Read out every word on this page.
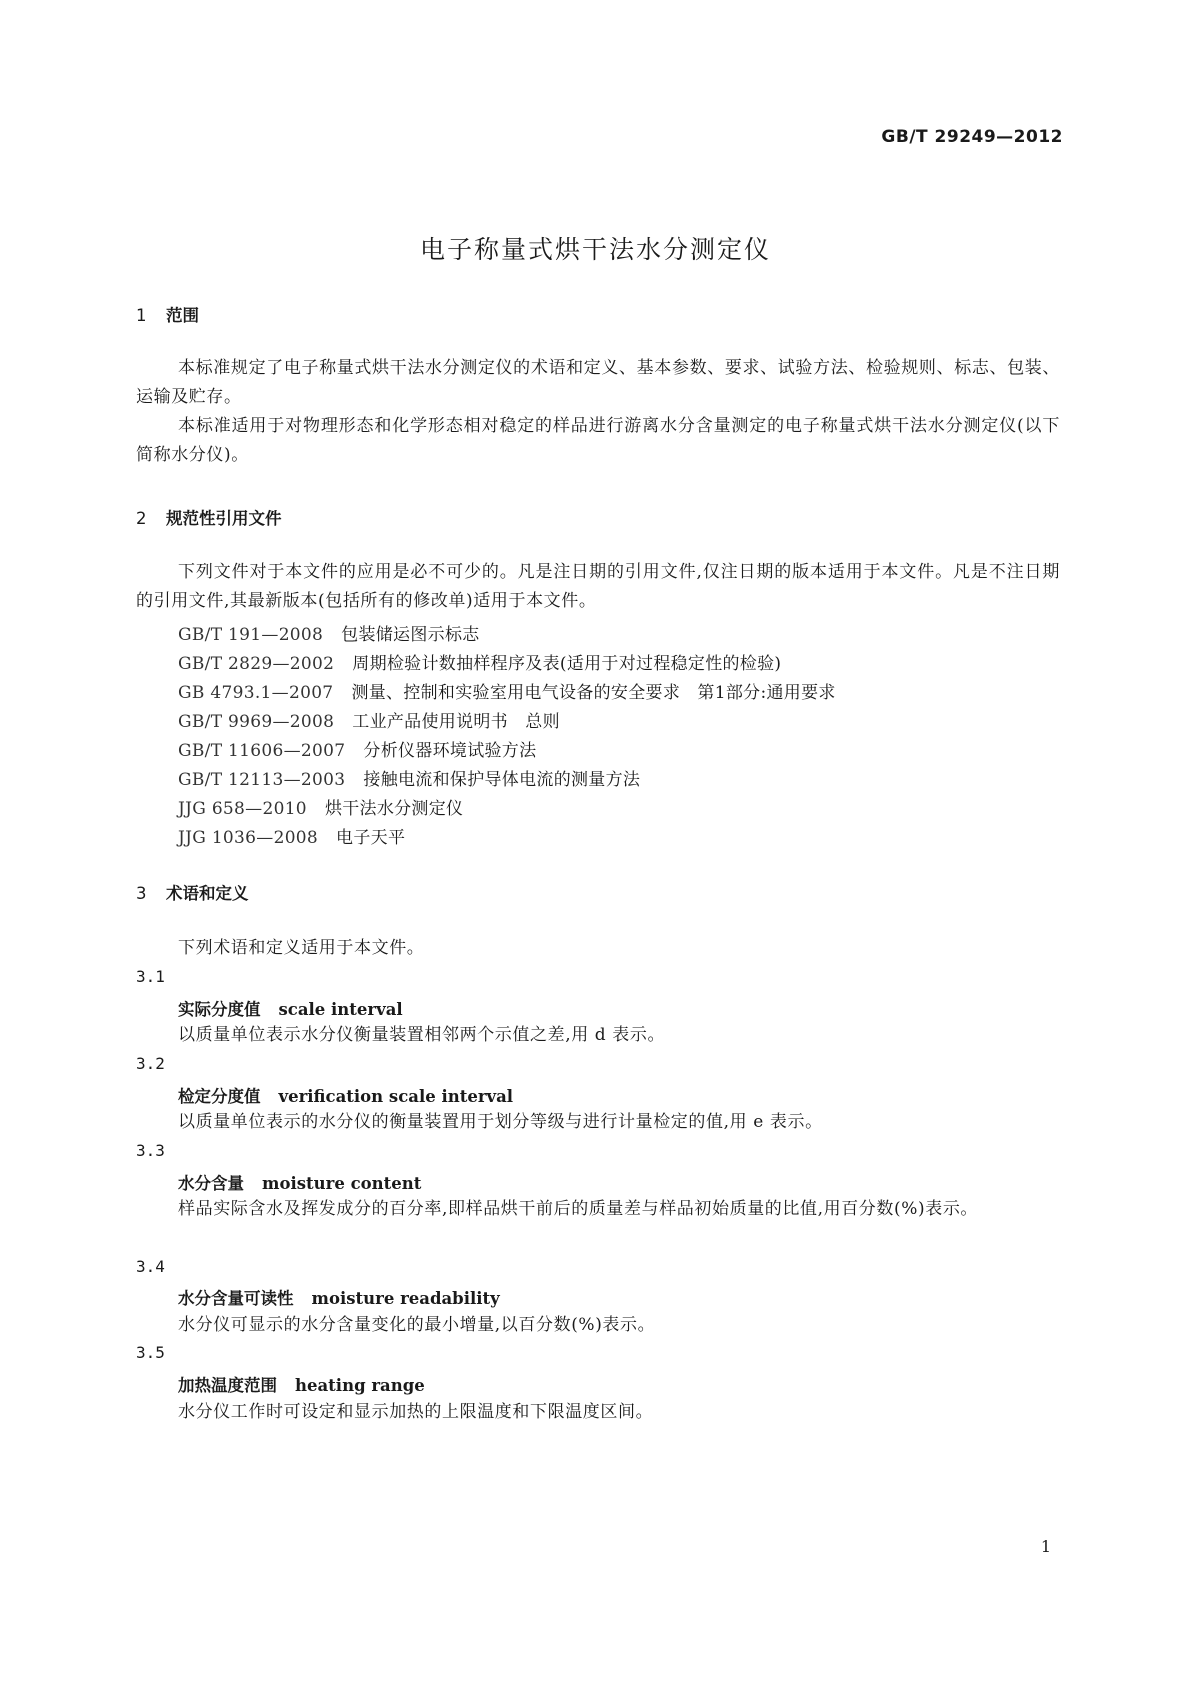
GB/T 29249—2012
电子称量式烘干法水分测定仪
1 范围
本标准规定了电子称量式烘干法水分测定仪的术语和定义、基本参数、要求、试验方法、检验规则、标志、包装、运输及贮存。
本标准适用于对物理形态和化学形态相对稳定的样品进行游离水分含量测定的电子称量式烘干法水分测定仪(以下简称水分仪)。
2 规范性引用文件
下列文件对于本文件的应用是必不可少的。凡是注日期的引用文件,仅注日期的版本适用于本文件。凡是不注日期的引用文件,其最新版本(包括所有的修改单)适用于本文件。
GB/T 191—2008 包装储运图示标志
GB/T 2829—2002 周期检验计数抽样程序及表(适用于对过程稳定性的检验)
GB 4793.1—2007 测量、控制和实验室用电气设备的安全要求　第1部分:通用要求
GB/T 9969—2008 工业产品使用说明书　总则
GB/T 11606—2007 分析仪器环境试验方法
GB/T 12113—2003 接触电流和保护导体电流的测量方法
JJG 658—2010 烘干法水分测定仪
JJG 1036—2008 电子天平
3 术语和定义
下列术语和定义适用于本文件。
3.1
实际分度值 scale interval
以质量单位表示水分仪衡量装置相邻两个示值之差,用 d 表示。
3.2
检定分度值 verification scale interval
以质量单位表示的水分仪的衡量装置用于划分等级与进行计量检定的值,用 e 表示。
3.3
水分含量 moisture content
样品实际含水及挥发成分的百分率,即样品烘干前后的质量差与样品初始质量的比值,用百分数(%)表示。
3.4
水分含量可读性 moisture readability
水分仪可显示的水分含量变化的最小增量,以百分数(%)表示。
3.5
加热温度范围 heating range
水分仪工作时可设定和显示加热的上限温度和下限温度区间。
1
